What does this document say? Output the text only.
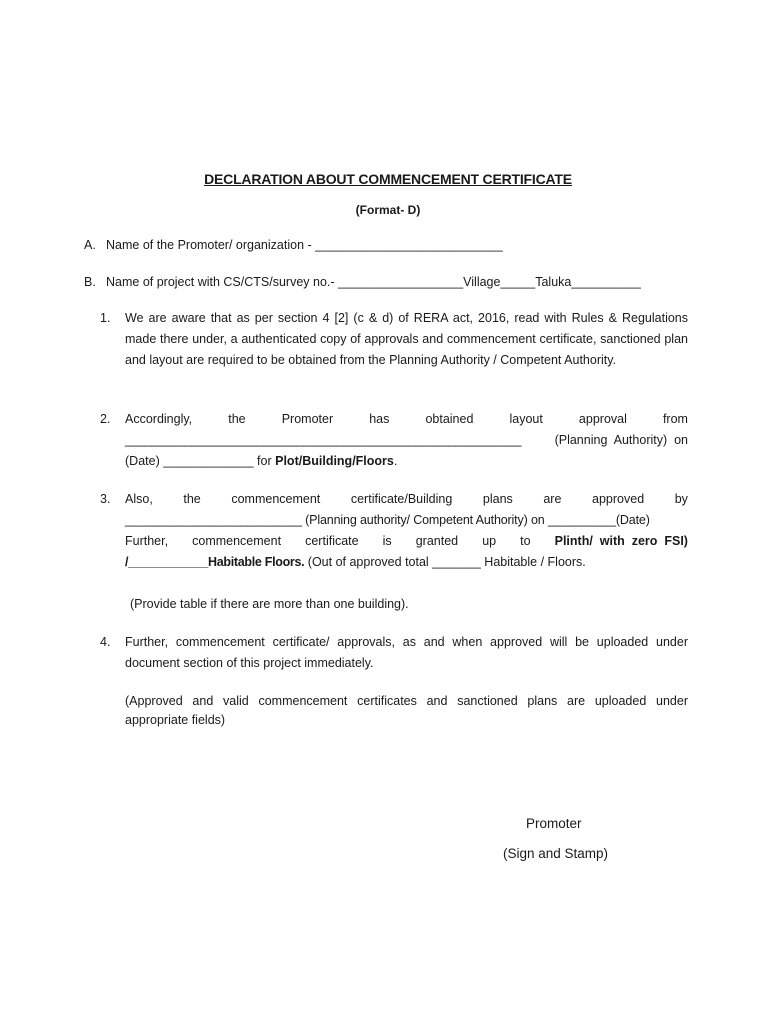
DECLARATION ABOUT COMMENCEMENT CERTIFICATE
(Format- D)
A. Name of the Promoter/ organization - ___________________________
B. Name of project with CS/CTS/survey no.- __________________Village_____Taluka__________
1.	We are aware that as per section 4 [2] (c & d) of RERA act, 2016, read with Rules & Regulations made there under, a authenticated copy of approvals and commencement certificate, sanctioned plan and layout are required to be obtained from the Planning Authority / Competent Authority.
2.	Accordingly,	the	Promoter	has	obtained	layout	approval	from
____________________________________________________________	(Planning  Authority)  on
(Date) _____________ for Plot/Building/Floors.
3.	Also, the commencement certificate/Building plans are approved by
__________________________ (Planning authority/ Competent Authority) on __________(Date)
Further, commencement certificate is granted up to Plinth/  with  zero  FSI)
/____________Habitable Floors. (Out of approved total _______ Habitable / Floors.
(Provide table if there are more than one building).
4.	Further, commencement certificate/ approvals, as and when approved will be uploaded under document section of this project immediately.
(Approved and valid commencement certificates and sanctioned plans are uploaded under appropriate fields)
Promoter
(Sign and Stamp)
